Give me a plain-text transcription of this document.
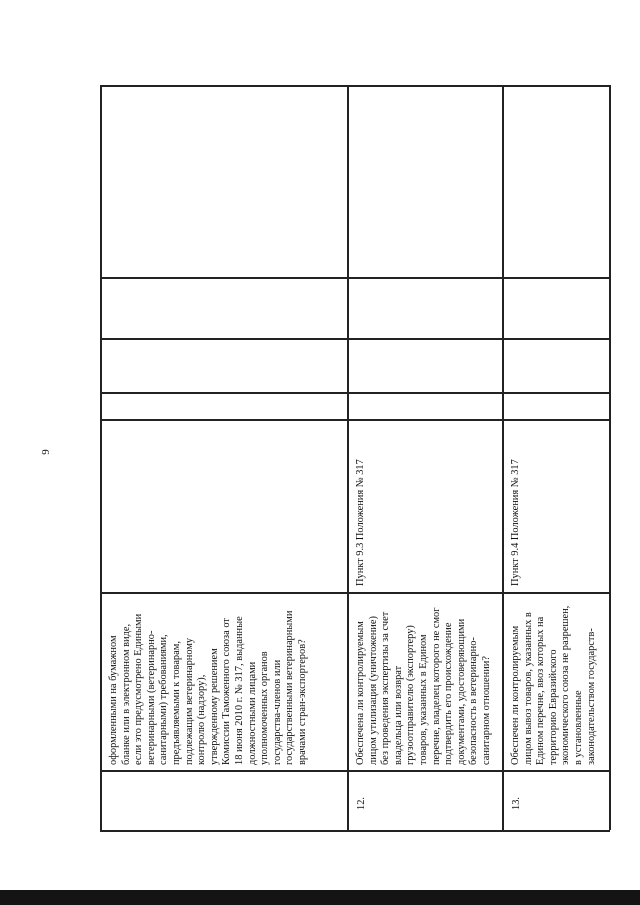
9
оформленными на бумажном бланке или в электронном виде, если это предусмотрено Едиными ветеринарными (ветеринарно- санитарными) требованиями, предъявляемыми к товарам, подлежащим ветеринарному контролю (надзору), утвержденному решением Комиссии Таможенного союза от 18 июня 2010 г. № 317, выданные должностными лицами уполномоченных органов государства-членов или государственными ветеринарными врачами стран-экспортеров?
12.
Обеспечена ли контролируемым лицом утилизация (уничтожение) без проведения экспертизы за счет владельца или возврат грузоотправителю (экспортеру) товаров, указанных в Едином перечне, владелец которого не смог подтвердить его происхождение документами, удостоверяющими безопасность в ветеринарно- санитарном отношении?
Пункт 9.3 Положения № 317
13.
Обеспечен ли контролируемым лицом вывоз товаров, указанных в Едином перечне, ввоз которых на территорию Евразийского экономического союза не разрешен, в установленные законодательством государств-
Пункт 9.4 Положения № 317
